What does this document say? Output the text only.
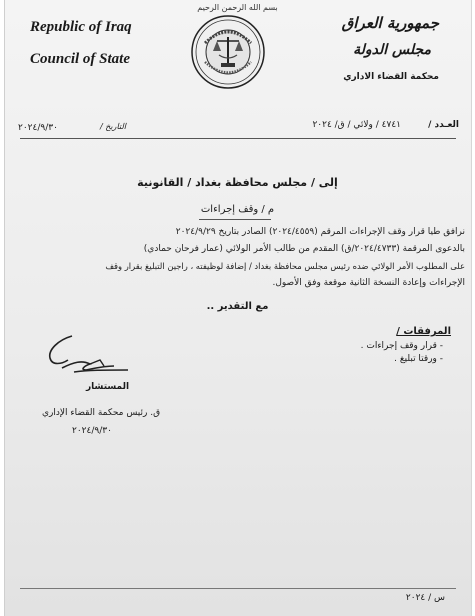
بسم الله الرحمن الرحيم
Republic of Iraq
Council of State
جمهورية العراق
مجلس الدولة
محكمة القضاء الاداري
العـدد /
٤٧٤١ / ولائي / ق/ ٢٠٢٤
التاريخ /
٢٠٢٤/٩/٣٠
إلى / مجلس محافظة بغداد / القانونية
م / وقف إجراءات
نرافق طيا قرار وقف الإجراءات المرقم (٢٠٢٤/٤٥٥٩) الصادر بتاريخ ٢٠٢٤/٩/٢٩
بالدعوى المرقمة (٢٠٢٤/٤٧٣٣/ق) المقدم من طالب الأمر الولائي (عمار فرحان حمادي)
على المطلوب الأمر الولائي ضده رئيس مجلس محافظة بغداد / إضافة لوظيفته ، راجين التبليغ بقرار وقف
الإجراءات وإعادة النسخة الثانية موقعة وفق الأصول.
مع التقدير ..
المرفقات /
- قرار وقف إجراءات .
- ورقتا تبليغ .
المستشار
ق. رئيس محكمة القضاء الإداري
٢٠٢٤/٩/٣٠
س / ٢٠٢٤
